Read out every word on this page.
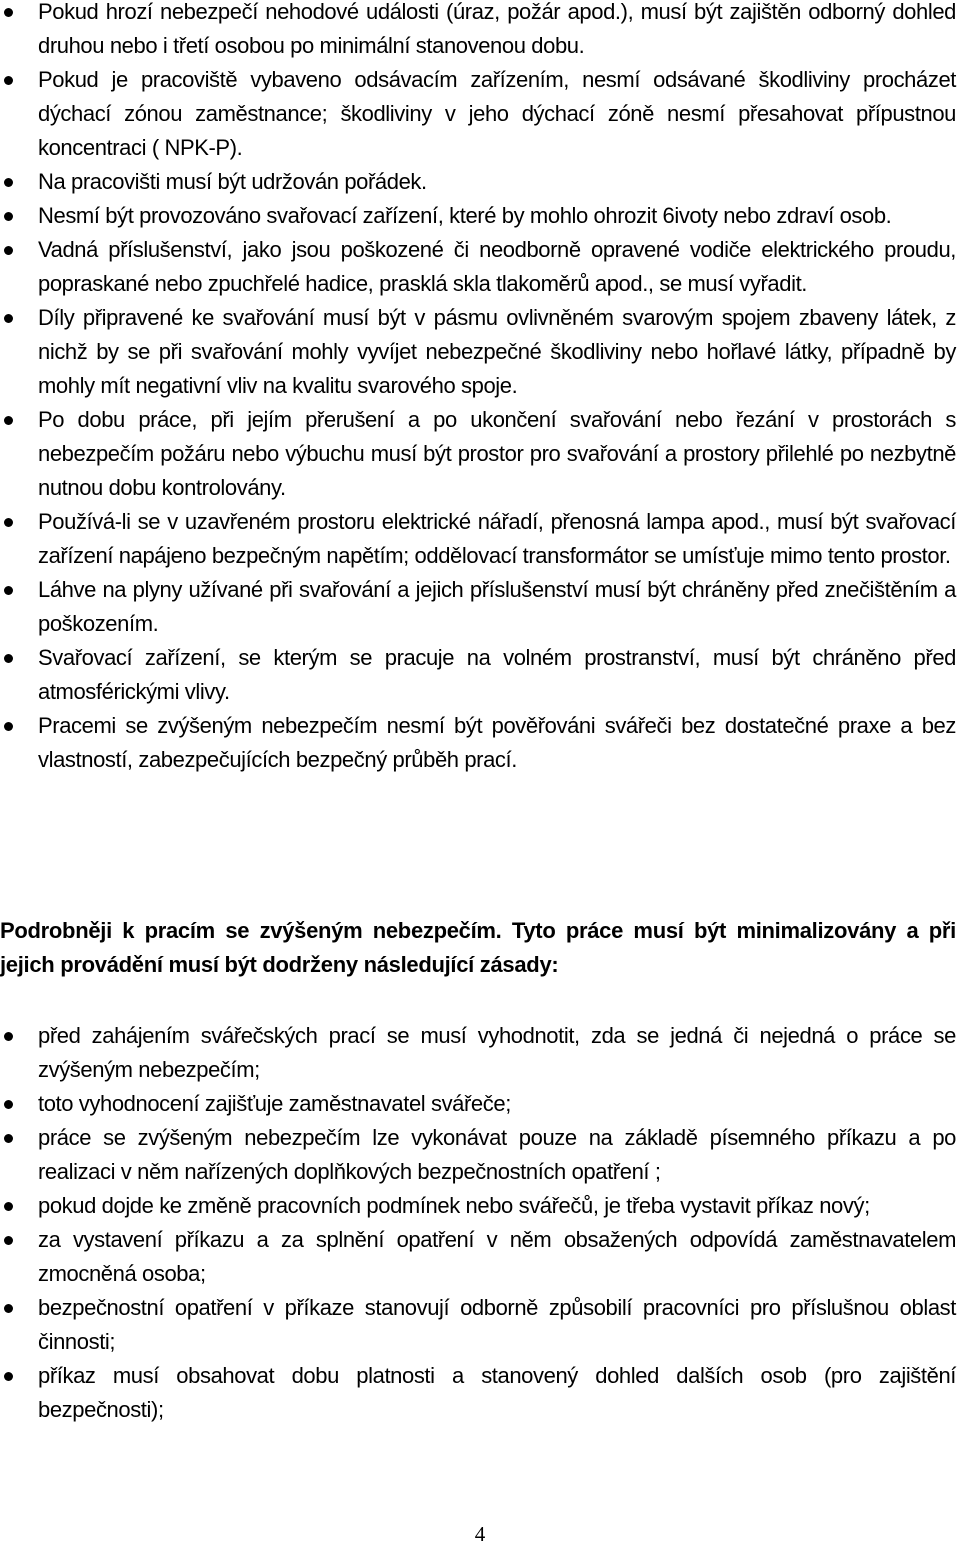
Pokud hrozí nebezpečí nehodové události (úraz, požár apod.), musí být zajištěn odborný dohled druhou nebo i třetí osobou po minimální stanovenou dobu.
Pokud je pracoviště vybaveno odsávacím zařízením, nesmí odsávané škodliviny procházet dýchací zónou zaměstnance; škodliviny v jeho dýchací zóně nesmí přesahovat přípustnou koncentraci ( NPK-P).
Na pracovišti musí být udržován pořádek.
Nesmí být provozováno svařovací zařízení, které by mohlo ohrozit 6ivoty nebo zdraví osob.
Vadná příslušenství, jako jsou poškozené či neodborně opravené vodiče elektrického proudu, popraskané nebo zpuchřelé hadice, prasklá skla tlakoměrů apod., se musí vyřadit.
Díly připravené ke svařování musí být v pásmu ovlivněném svarovým spojem zbaveny látek, z nichž by se při svařování mohly vyvíjet nebezpečné škodliviny nebo hořlavé látky, případně by mohly mít negativní vliv na kvalitu svarového spoje.
Po dobu práce, při jejím přerušení a po ukončení svařování nebo řezání v prostorách s nebezpečím požáru nebo výbuchu musí být prostor pro svařování a prostory přilehlé po nezbytně nutnou dobu kontrolovány.
Používá-li se v uzavřeném prostoru elektrické nářadí, přenosná lampa apod., musí být svařovací zařízení napájeno bezpečným napětím; oddělovací transformátor se umísťuje mimo tento prostor.
Láhve na plyny užívané při svařování a jejich příslušenství musí být chráněny před znečištěním a poškozením.
Svařovací zařízení, se kterým se pracuje na volném prostranství, musí být chráněno před atmosférickými vlivy.
Pracemi se zvýšeným nebezpečím nesmí být pověřováni svářeči bez dostatečné praxe a bez vlastností, zabezpečujících bezpečný průběh prací.

Podrobněji k pracím se zvýšeným nebezpečím. Tyto práce musí být minimalizovány a při jejich provádění musí být dodrženy následující zásady:

před zahájením svářečských prací se musí vyhodnotit, zda se jedná či nejedná o práce se zvýšeným nebezpečím;
toto vyhodnocení zajišťuje zaměstnavatel svářeče;
práce se zvýšeným nebezpečím lze vykonávat pouze na základě písemného příkazu a po realizaci v něm nařízených doplňkových bezpečnostních opatření ;
pokud dojde ke změně pracovních podmínek nebo svářečů, je třeba vystavit příkaz nový;
za vystavení příkazu a za splnění opatření v něm obsažených odpovídá zaměstnavatelem zmocněná osoba;
bezpečnostní opatření v příkaze stanovují odborně způsobilí pracovníci pro příslušnou oblast činnosti;
příkaz musí obsahovat dobu platnosti a stanovený dohled dalších osob (pro zajištění bezpečnosti);
4
